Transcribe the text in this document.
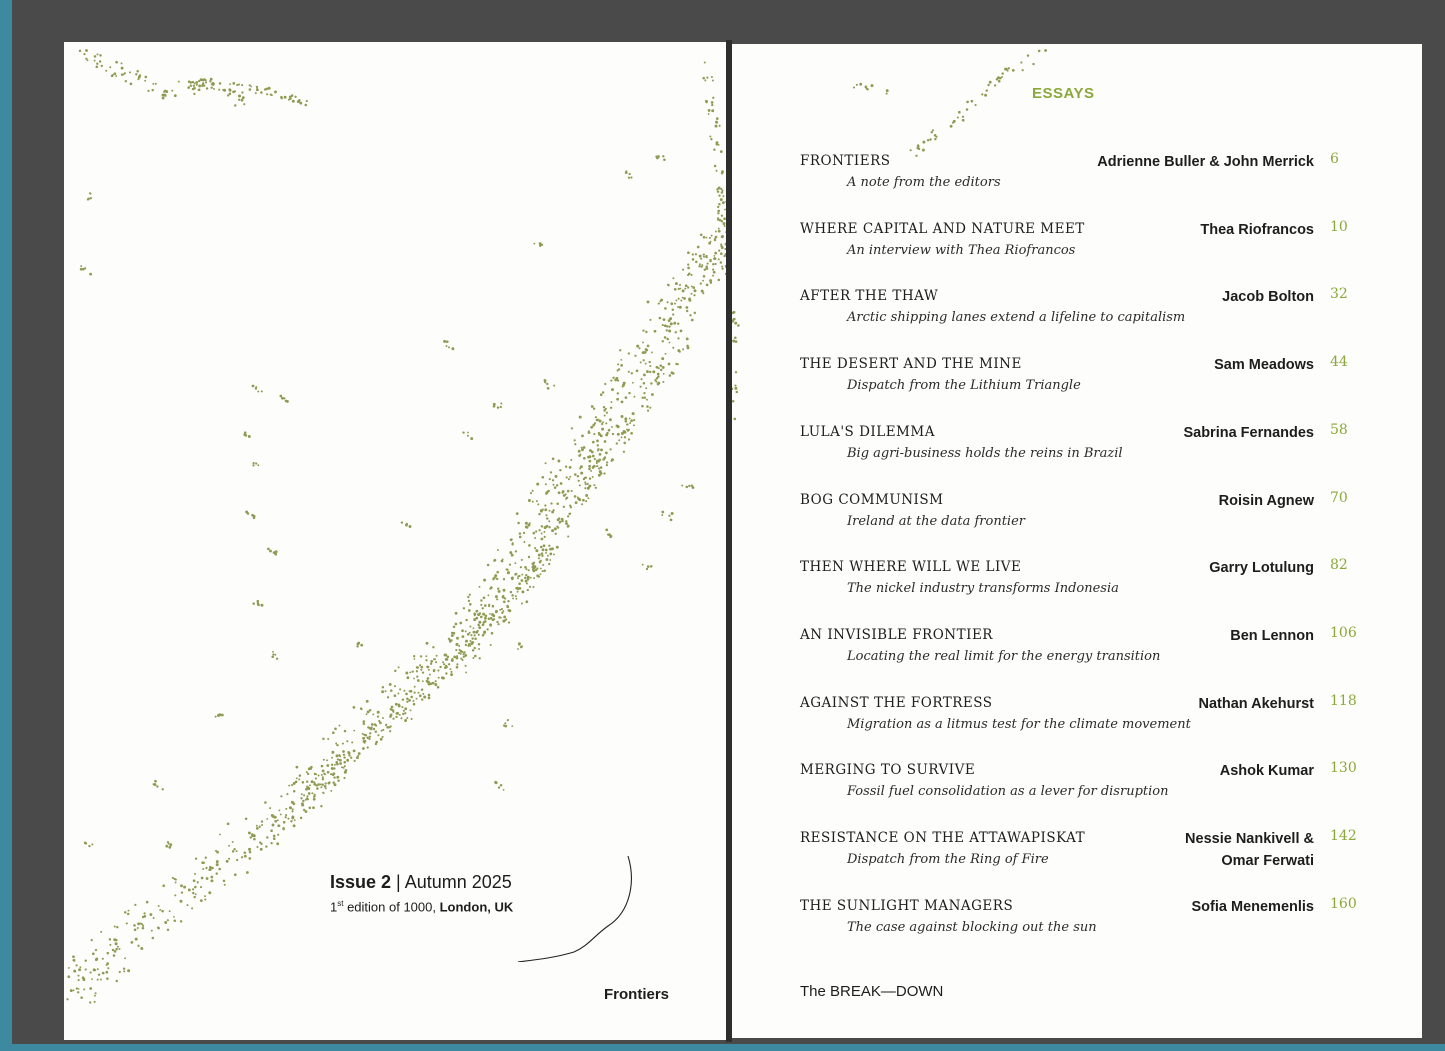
Issue 2 | Autumn 2025
1st edition of 1000, London, UK
Frontiers
ESSAYS
FRONTIERS
A note from the editors
Adrienne Buller & John Merrick 6
WHERE CAPITAL AND NATURE MEET
An interview with Thea Riofrancos
Thea Riofrancos 10
AFTER THE THAW
Arctic shipping lanes extend a lifeline to capitalism
Jacob Bolton 32
THE DESERT AND THE MINE
Dispatch from the Lithium Triangle
Sam Meadows 44
LULA'S DILEMMA
Big agri-business holds the reins in Brazil
Sabrina Fernandes 58
BOG COMMUNISM
Ireland at the data frontier
Roisin Agnew 70
THEN WHERE WILL WE LIVE
The nickel industry transforms Indonesia
Garry Lotulung 82
AN INVISIBLE FRONTIER
Locating the real limit for the energy transition
Ben Lennon 106
AGAINST THE FORTRESS
Migration as a litmus test for the climate movement
Nathan Akehurst 118
MERGING TO SURVIVE
Fossil fuel consolidation as a lever for disruption
Ashok Kumar 130
RESISTANCE ON THE ATTAWAPISKAT
Dispatch from the Ring of Fire
Nessie Nankivell &
Omar Ferwati
142
THE SUNLIGHT MANAGERS
The case against blocking out the sun
Sofia Menemenlis 160
The BREAK—DOWN
